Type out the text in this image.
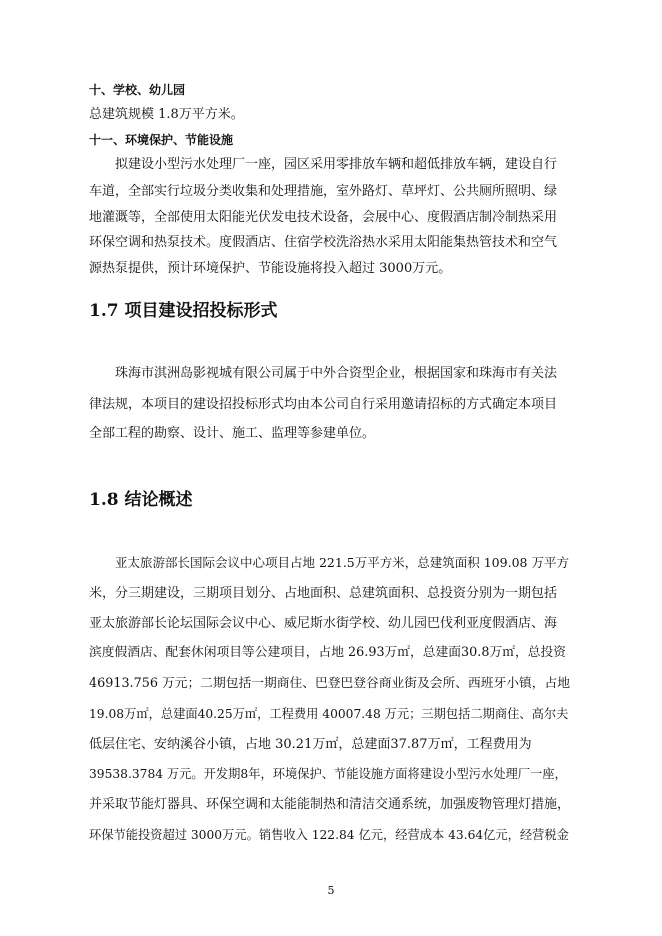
十、学校、幼儿园
总建筑规模 1.8万平方米。
十一、环境保护、节能设施
拟建设小型污水处理厂一座，园区采用零排放车辆和超低排放车辆，建设自行
车道，全部实行垃圾分类收集和处理措施，室外路灯、草坪灯、公共厕所照明、绿
地灌溉等，全部使用太阳能光伏发电技术设备，会展中心、度假酒店制冷制热采用
环保空调和热泵技术。度假酒店、住宿学校洗浴热水采用太阳能集热管技术和空气
源热泵提供，预计环境保护、节能设施将投入超过 3000万元。
1.7 项目建设招投标形式
珠海市淇洲岛影视城有限公司属于中外合资型企业，根据国家和珠海市有关法
律法规，本项目的建设招投标形式均由本公司自行采用邀请招标的方式确定本项目
全部工程的勘察、设计、施工、监理等参建单位。
1.8 结论概述
亚太旅游部长国际会议中心项目占地 221.5万平方米，总建筑面积 109.08 万平方
米，分三期建设，三期项目划分、占地面积、总建筑面积、总投资分别为一期包括
亚太旅游部长论坛国际会议中心、威尼斯水街学校、幼儿园巴伐利亚度假酒店、海
滨度假酒店、配套休闲项目等公建项目，占地 26.93万㎡，总建面30.8万㎡，总投资
46913.756 万元；二期包括一期商住、巴登巴登谷商业街及会所、西班牙小镇，占地
19.08万㎡，总建面40.25万㎡，工程费用 40007.48 万元；三期包括二期商住、高尔夫
低层住宅、安纳溪谷小镇，占地 30.21万㎡，总建面37.87万㎡，工程费用为
39538.3784 万元。开发期8年，环境保护、节能设施方面将建设小型污水处理厂一座，
并采取节能灯器具、环保空调和太能能制热和清洁交通系统，加强废物管理灯措施，
环保节能投资超过 3000万元。销售收入 122.84 亿元，经营成本 43.64亿元，经营税金
5
